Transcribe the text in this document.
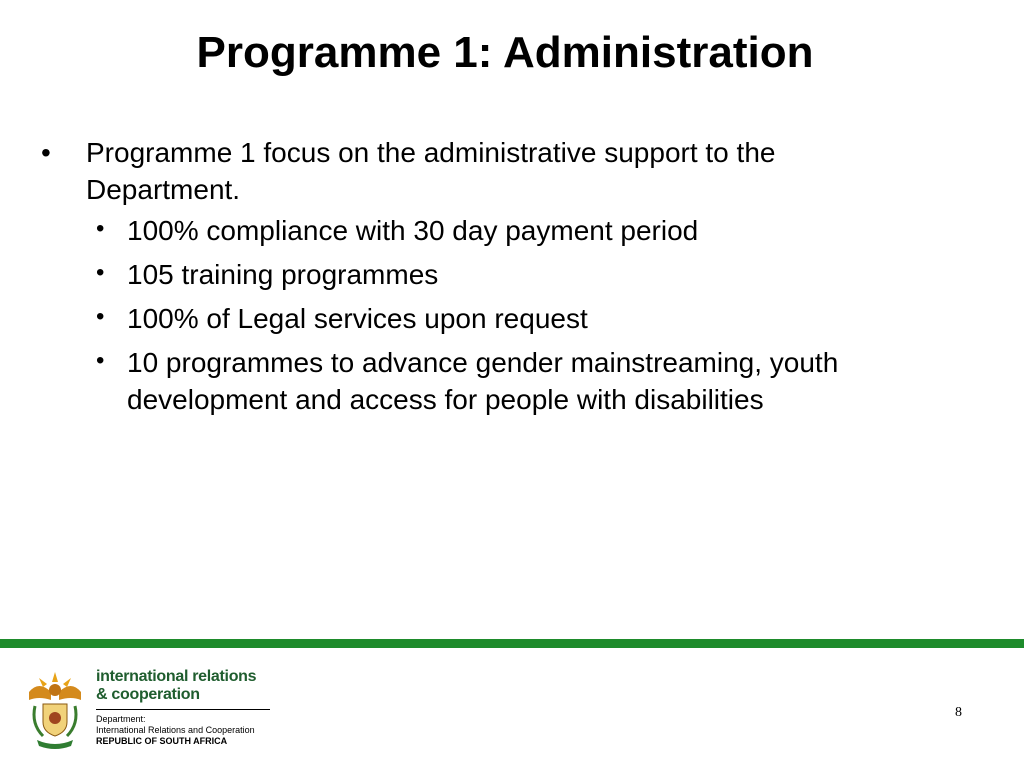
Programme 1: Administration

• Programme 1 focus on the administrative support to the Department.

• 100% compliance with 30 day payment period

• 105 training programmes

• 100% of Legal services upon request

• 10 programmes to advance gender mainstreaming, youth development and access for people with disabilities

international relations
& cooperation
Department:
International Relations and Cooperation
REPUBLIC OF SOUTH AFRICA
8
